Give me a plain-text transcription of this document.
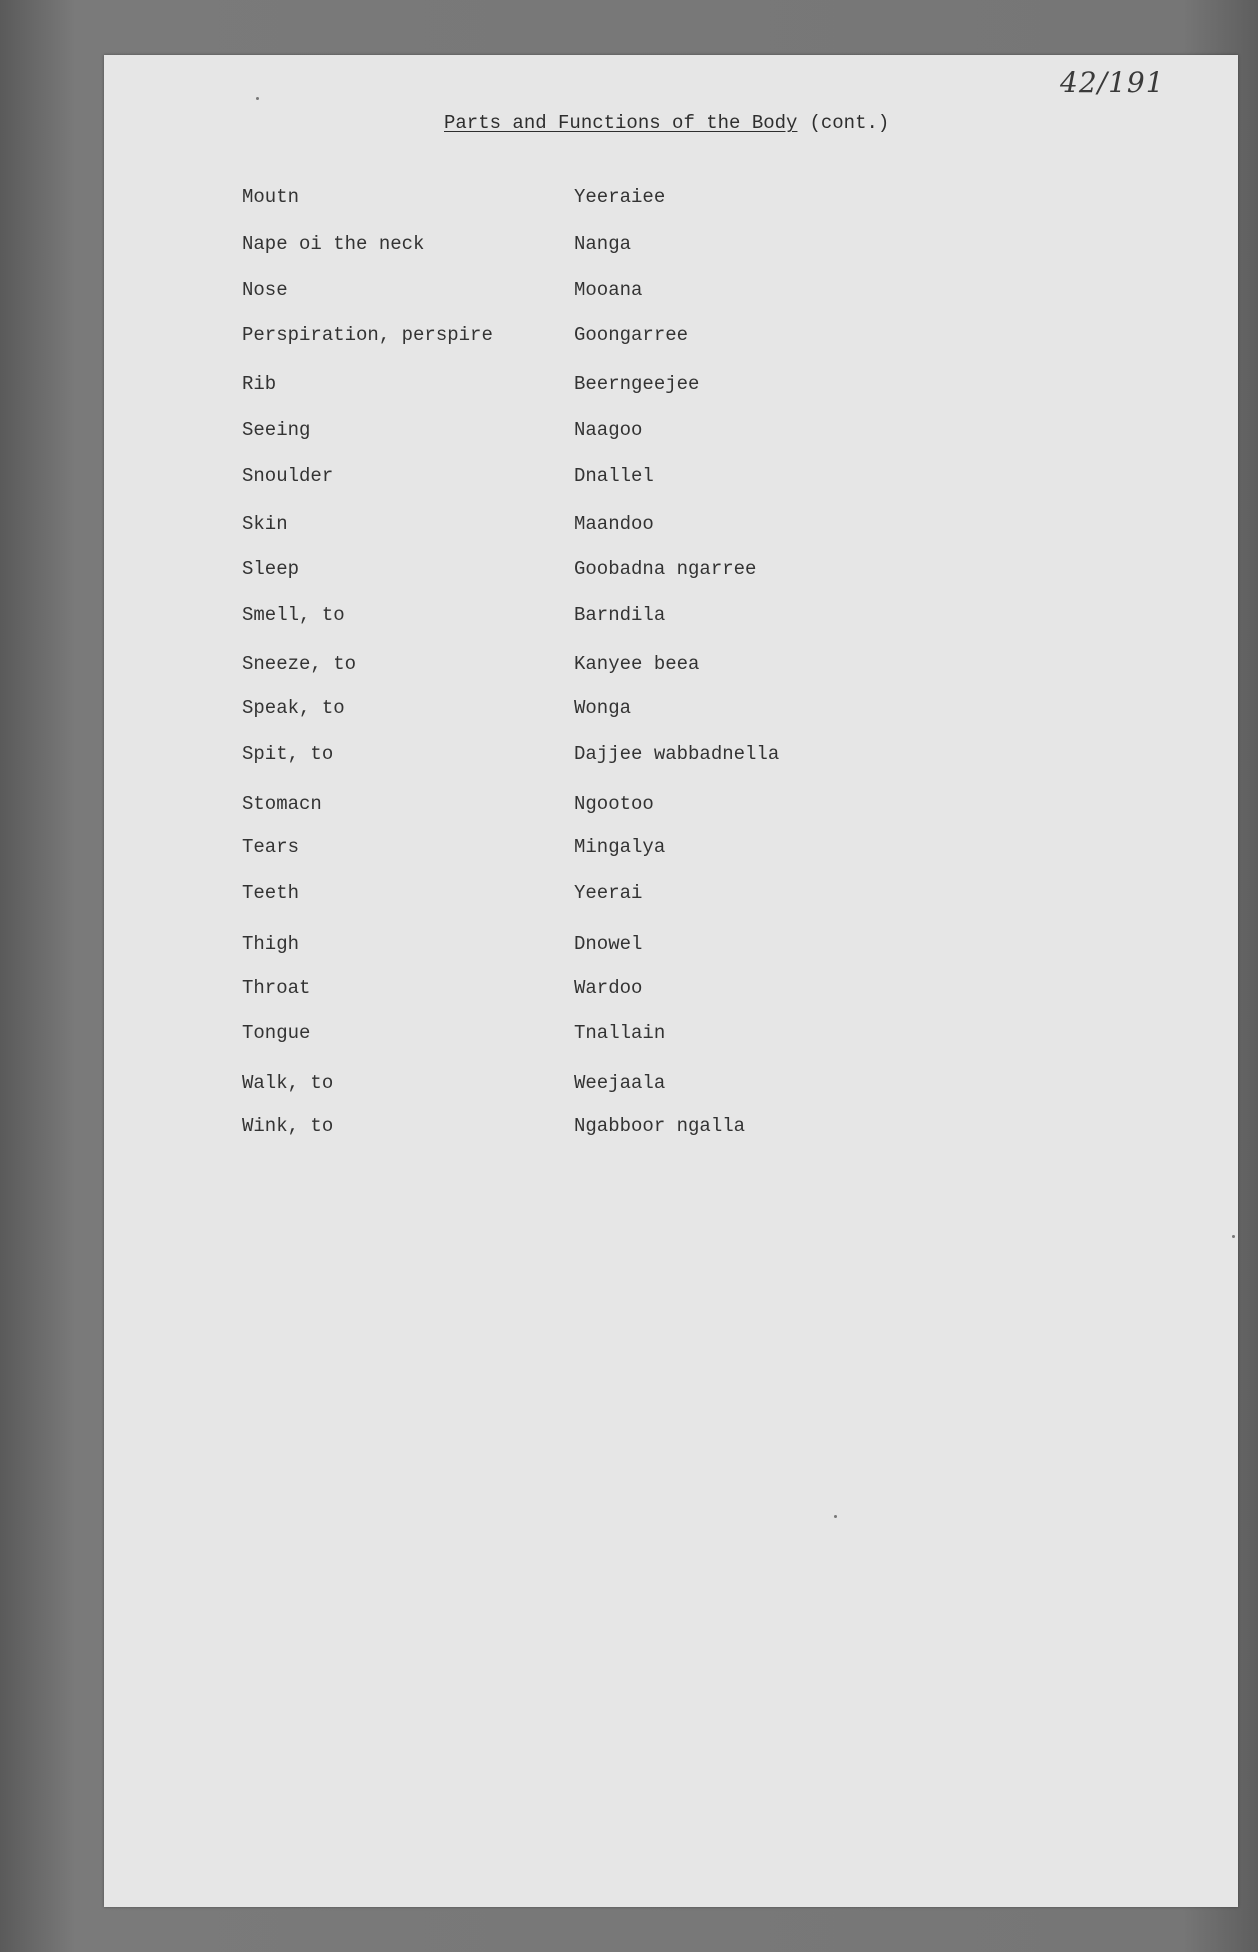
42/191
Parts and Functions of the Body (cont.)
Moutn	Yeeraiee
Nape oi the neck	Nanga
Nose	Mooana
Perspiration, perspire	Goongarree
Rib	Beerngeejee
Seeing	Naagoo
Snoulder	Dnallel
Skin	Maandoo
Sleep	Goobadna ngarree
Smell, to	Barndila
Sneeze, to	Kanyee beea
Speak, to	Wonga
Spit, to	Dajjee wabbadnella
Stomacn	Ngootoo
Tears	Mingalya
Teeth	Yeerai
Thigh	Dnowel
Throat	Wardoo
Tongue	Tnallain
Walk, to	Weejaala
Wink, to	Ngabboor ngalla
